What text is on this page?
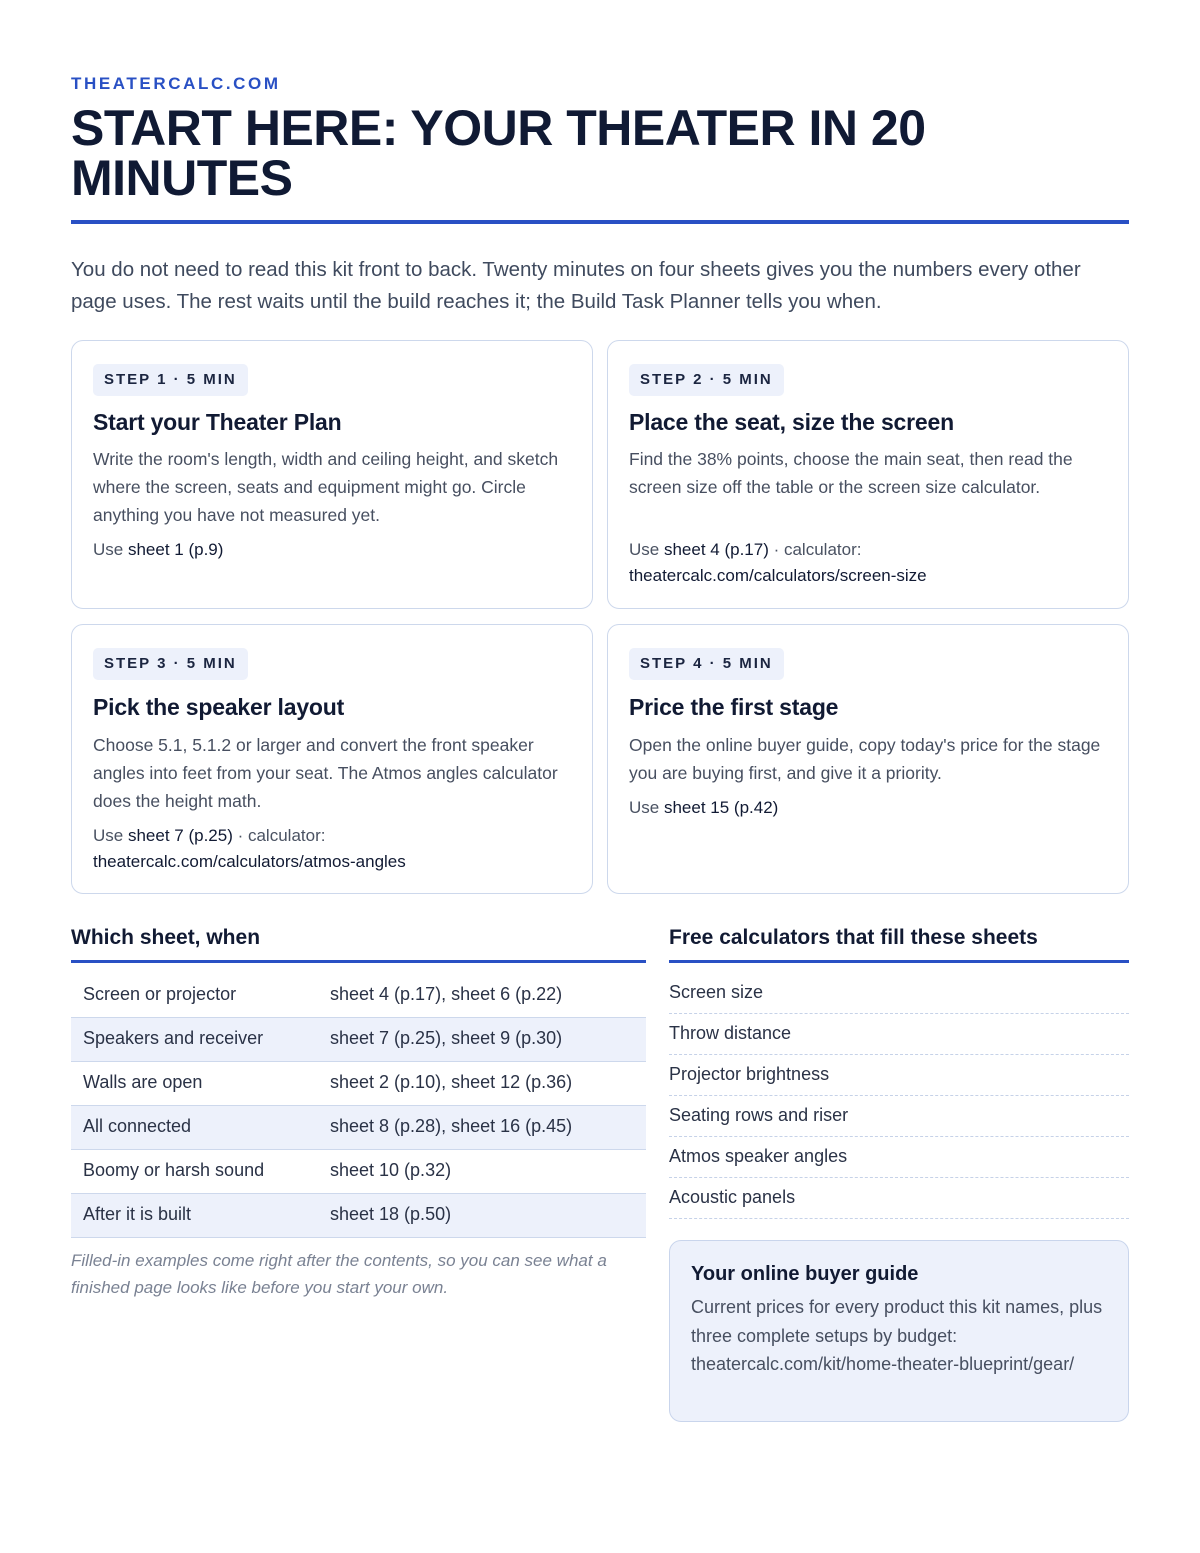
THEATERCALC.COM
START HERE: YOUR THEATER IN 20 MINUTES

You do not need to read this kit front to back. Twenty minutes on four sheets gives you the numbers every other page uses. The rest waits until the build reaches it; the Build Task Planner tells you when.

STEP 1 · 5 MIN
Start your Theater Plan
Write the room's length, width and ceiling height, and sketch where the screen, seats and equipment might go. Circle anything you have not measured yet.
Use sheet 1 (p.9)
STEP 2 · 5 MIN
Place the seat, size the screen
Find the 38% points, choose the main seat, then read the screen size off the table or the screen size calculator.
Use sheet 4 (p.17) · calculator:
theatercalc.com/calculators/screen-size
STEP 3 · 5 MIN
Pick the speaker layout
Choose 5.1, 5.1.2 or larger and convert the front speaker angles into feet from your seat. The Atmos angles calculator does the height math.
Use sheet 7 (p.25) · calculator:
theatercalc.com/calculators/atmos-angles
STEP 4 · 5 MIN
Price the first stage
Open the online buyer guide, copy today's price for the stage you are buying first, and give it a priority.
Use sheet 15 (p.42)
Which sheet, when
Screen or projector	sheet 4 (p.17), sheet 6 (p.22)
Speakers and receiver	sheet 7 (p.25), sheet 9 (p.30)
Walls are open	sheet 2 (p.10), sheet 12 (p.36)
All connected	sheet 8 (p.28), sheet 16 (p.45)
Boomy or harsh sound	sheet 10 (p.32)
After it is built	sheet 18 (p.50)

Filled-in examples come right after the contents, so you can see what a finished page looks like before you start your own.

Free calculators that fill these sheets
Screen size
Throw distance
Projector brightness
Seating rows and riser
Atmos speaker angles
Acoustic panels
Your online buyer guide
Current prices for every product this kit names, plus three complete setups by budget: theatercalc.com/kit/home-theater-blueprint/gear/
